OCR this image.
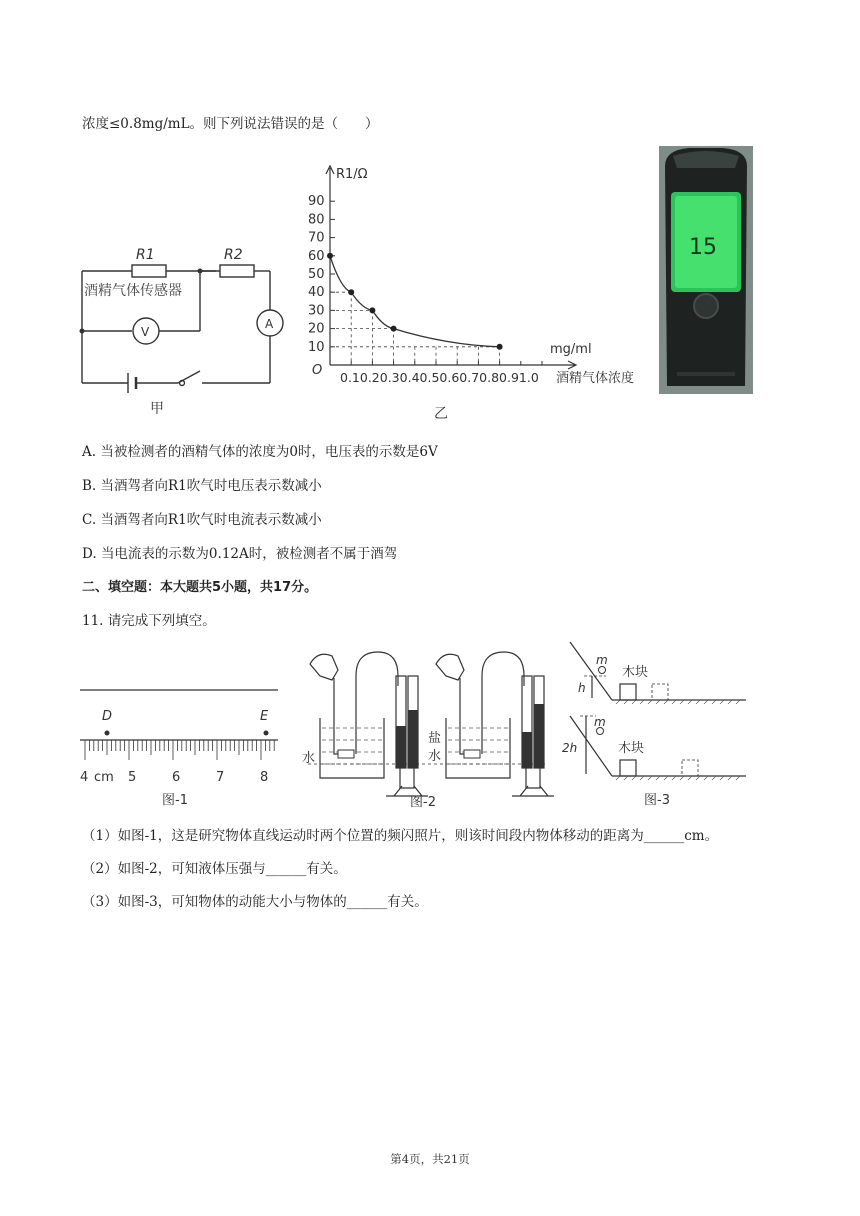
浓度≤0.8mg/mL。则下列说法错误的是（　　）
R1	R2
酒精气体传感器
V
A
甲
10
20
30
40
50
60
70
80
90
R1/Ω
mg/ml
O 0.10.20.30.40.50.60.70.80.91.0 酒精气体浓度
乙
15
A. 当被检测者的酒精气体的浓度为0时，电压表的示数是6V
B. 当酒驾者向R1吹气时电压表示数减小
C. 当酒驾者向R1吹气时电流表示数减小
D. 当电流表的示数为0.12A时，被检测者不属于酒驾
二、填空题：本大题共5小题，共17分。
11. 请完成下列填空。
D	E
4 cm 5	6	7	8
图-1
水
盐
水
图-2
m
木块
h
m
木块
2h
图-3
（1）如图-1，这是研究物体直线运动时两个位置的频闪照片，则该时间段内物体移动的距离为______cm。
（2）如图-2，可知液体压强与______有关。
（3）如图-3，可知物体的动能大小与物体的______有关。
第4页，共21页
